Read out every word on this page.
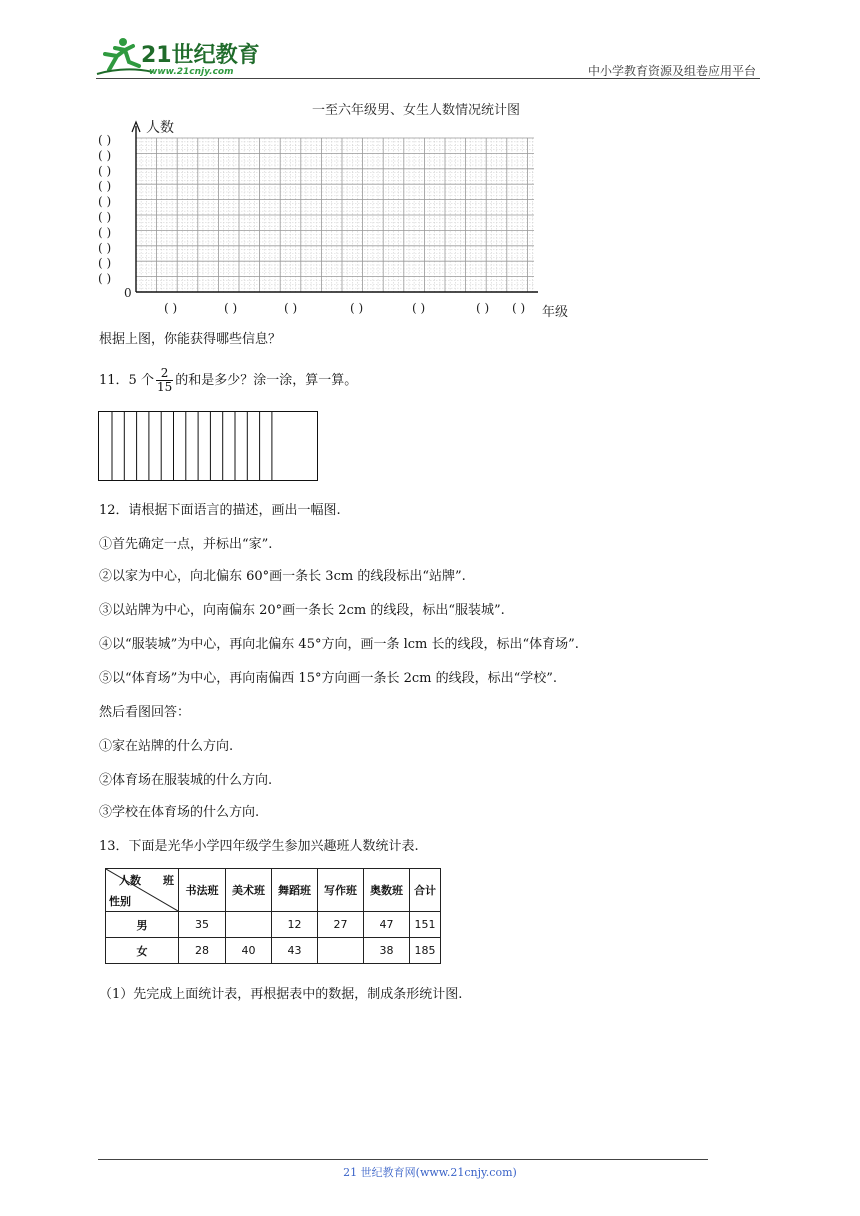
21世纪教育
www.21cnjy.com	中小学教育资源及组卷应用平台
一至六年级男、女生人数情况统计图
人数
年级
0
( )
( )
( )
( )
( )
( )
( )
( )
( )
( )
( )	( )	( )	( )	( )	( ) ( )
根据上图，你能获得哪些信息？
11．5 个 $\frac{2}{15}$ 的和是多少？涂一涂，算一算。
12．请根据下面语言的描述，画出一幅图.
①首先确定一点，并标出“家”.
②以家为中心，向北偏东 60°画一条长 3cm 的线段标出“站牌”.
③以站牌为中心，向南偏东 20°画一条长 2cm 的线段，标出“服装城”.
④以“服装城”为中心，再向北偏东 45°方向，画一条 lcm 长的线段，标出“体育场”.
⑤以“体育场”为中心，再向南偏西 15°方向画一条长 2cm 的线段，标出“学校”.
然后看图回答：
①家在站牌的什么方向.
②体育场在服装城的什么方向.
③学校在体育场的什么方向.
13．下面是光华小学四年级学生参加兴趣班人数统计表.
人数　　班
性别	书法班	美术班	舞蹈班	写作班	奥数班	合计
男	35		12	27	47	151
女	28	40	43		38	185
（1）先完成上面统计表，再根据表中的数据，制成条形统计图.
21 世纪教育网(www.21cnjy.com)
